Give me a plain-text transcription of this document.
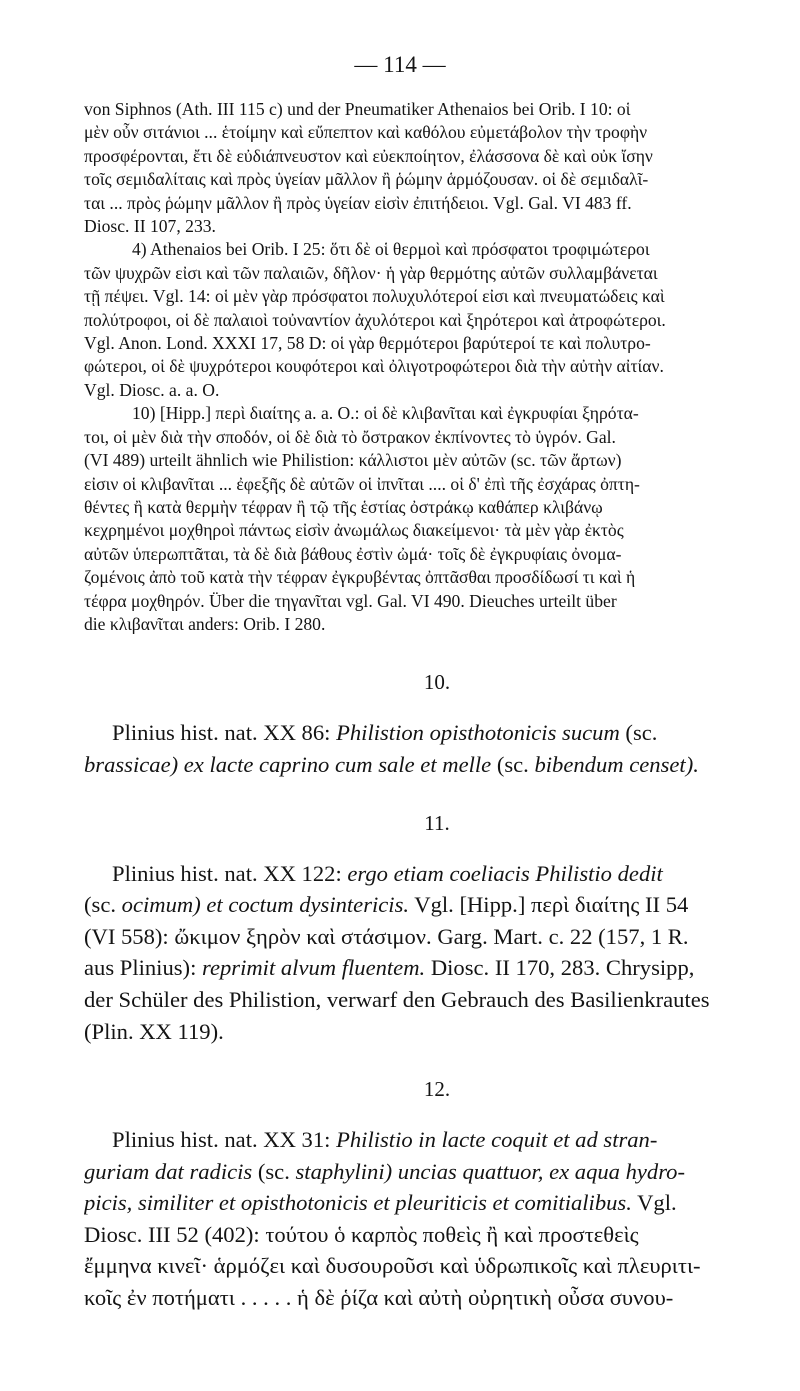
— 114 —
von Siphnos (Ath. III 115 c) und der Pneumatiker Athenaios bei Orib. I 10: οἱ
μὲν οὖν σιτάνιοι ... ἑτοίμην καὶ εὔπεπτον καὶ καθόλου εὐμετάβολον τὴν τροφὴν
προσφέρονται, ἔτι δὲ εὐδιάπνευστον καὶ εὐεκποίητον, ἐλάσσονα δὲ καὶ οὐκ ἴσην
τοῖς σεμιδαλίταις καὶ πρὸς ὑγείαν μᾶλλον ἢ ῥώμην ἁρμόζουσαν. οἱ δὲ σεμιδαλῖ-
ται ... πρὸς ῥώμην μᾶλλον ἢ πρὸς ὑγείαν εἰσὶν ἐπιτήδειοι. Vgl. Gal. VI 483 ff.
Diosc. II 107, 233.
4) Athenaios bei Orib. I 25: ὅτι δὲ οἱ θερμοὶ καὶ πρόσφατοι τροφιμώτεροι
τῶν ψυχρῶν εἰσι καὶ τῶν παλαιῶν, δῆλον· ἡ γὰρ θερμότης αὐτῶν συλλαμβάνεται
τῇ πέψει. Vgl. 14: οἱ μὲν γὰρ πρόσφατοι πολυχυλότεροί εἰσι καὶ πνευματώδεις καὶ
πολύτροφοι, οἱ δὲ παλαιοὶ τοὐναντίον ἀχυλότεροι καὶ ξηρότεροι καὶ ἀτροφώτεροι.
Vgl. Anon. Lond. XXXI 17, 58 D: οἱ γὰρ θερμότεροι βαρύτεροί τε καὶ πολυτρο-
φώτεροι, οἱ δὲ ψυχρότεροι κουφότεροι καὶ ὀλιγοτροφώτεροι διὰ τὴν αὐτὴν αἰτίαν.
Vgl. Diosc. a. a. O.
10) [Hipp.] περὶ διαίτης a. a. O.: οἱ δὲ κλιβανῖται καὶ ἐγκρυφίαι ξηρότα-
τοι, οἱ μὲν διὰ τὴν σποδόν, οἱ δὲ διὰ τὸ ὄστρακον ἐκπίνοντες τὸ ὑγρόν. Gal.
(VI 489) urteilt ähnlich wie Philistion: κάλλιστοι μὲν αὐτῶν (sc. τῶν ἄρτων)
εἰσιν οἱ κλιβανῖται ... ἐφεξῆς δὲ αὐτῶν οἱ ἰπνῖται .... οἱ δ' ἐπὶ τῆς ἐσχάρας ὀπτη-
θέντες ἢ κατὰ θερμὴν τέφραν ἢ τῷ τῆς ἑστίας ὀστράκῳ καθάπερ κλιβάνῳ
κεχρημένοι μοχθηροὶ πάντως εἰσὶν ἀνωμάλως διακείμενοι· τὰ μὲν γὰρ ἐκτὸς
αὐτῶν ὑπερωπτᾶται, τὰ δὲ διὰ βάθους ἐστὶν ὠμά· τοῖς δὲ ἐγκρυφίαις ὀνομα-
ζομένοις ἀπὸ τοῦ κατὰ τὴν τέφραν ἐγκρυβέντας ὀπτᾶσθαι προσδίδωσί τι καὶ ἡ
τέφρα μοχθηρόν. Über die τηγανῖται vgl. Gal. VI 490. Dieuches urteilt über
die κλιβανῖται anders: Orib. I 280.
10.
Plinius hist. nat. XX 86: Philistion opisthotonicis sucum (sc.
brassicae) ex lacte caprino cum sale et melle (sc. bibendum censet).
11.
Plinius hist. nat. XX 122: ergo etiam coeliacis Philistio dedit
(sc. ocimum) et coctum dysintericis. Vgl. [Hipp.] περὶ διαίτης II 54
(VI 558): ὤκιμον ξηρὸν καὶ στάσιμον. Garg. Mart. c. 22 (157, 1 R.
aus Plinius): reprimit alvum fluentem. Diosc. II 170, 283. Chrysipp,
der Schüler des Philistion, verwarf den Gebrauch des Basilienkrautes
(Plin. XX 119).
12.
Plinius hist. nat. XX 31: Philistio in lacte coquit et ad stran-
guriam dat radicis (sc. staphylini) uncias quattuor, ex aqua hydro-
picis, similiter et opisthotonicis et pleuriticis et comitialibus. Vgl.
Diosc. III 52 (402): τούτου ὁ καρπὸς ποθεὶς ἢ καὶ προστεθεὶς
ἔμμηνα κινεῖ· ἁρμόζει καὶ δυσουροῦσι καὶ ὑδρωπικοῖς καὶ πλευριτι-
κοῖς ἐν ποτήματι . . . . . ἡ δὲ ῥίζα καὶ αὐτὴ οὐρητικὴ οὖσα συνου-
